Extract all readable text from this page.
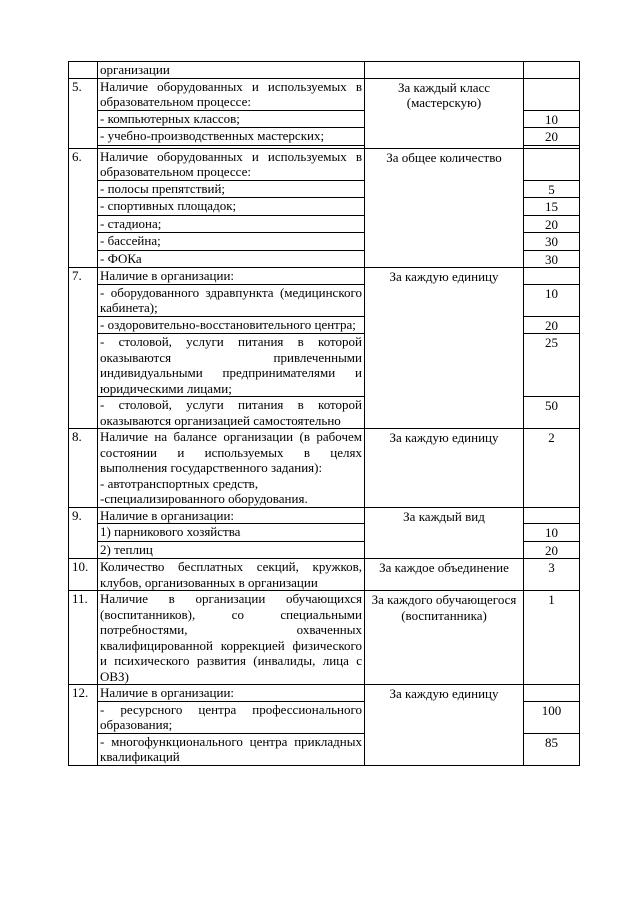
	организации		
5.	Наличие оборудованных и используемых в образовательном процессе:	За каждый класс (мастерскую)	
	- компьютерных классов;		10
	- учебно-производственных мастерских;		20

6.	Наличие оборудованных и используемых в образовательном процессе:	За общее количество	
	- полосы препятствий;		5
	- спортивных площадок;		15
	- стадиона;		20
	- бассейна;		30
	- ФОКа		30
7.	Наличие в организации:	За каждую единицу	
	- оборудованного здравпункта (медицинского кабинета);		10
	- оздоровительно-восстановительного центра;		20
	- столовой, услуги питания в которой оказываются привлеченными индивидуальными предпринимателями и юридическими лицами;		25
	- столовой, услуги питания в которой оказываются организацией самостоятельно		50
8.	Наличие на балансе организации (в рабочем состоянии и используемых в целях выполнения государственного задания):
- автотранспортных средств,
-специализированного оборудования.	За каждую единицу	2
9.	Наличие в организации:	За каждый вид	
	1) парникового хозяйства		10
	2) теплиц		20
10.	Количество бесплатных секций, кружков, клубов, организованных в организации	За каждое объединение	3
11.	Наличие в организации обучающихся (воспитанников), со специальными потребностями, охваченных квалифицированной коррекцией физического и психического развития (инвалиды, лица с ОВЗ)	За каждого обучающегося (воспитанника)	1
12.	Наличие в организации:	За каждую единицу	
	- ресурсного центра профессионального образования;		100
	- многофункционального центра прикладных квалификаций		85
